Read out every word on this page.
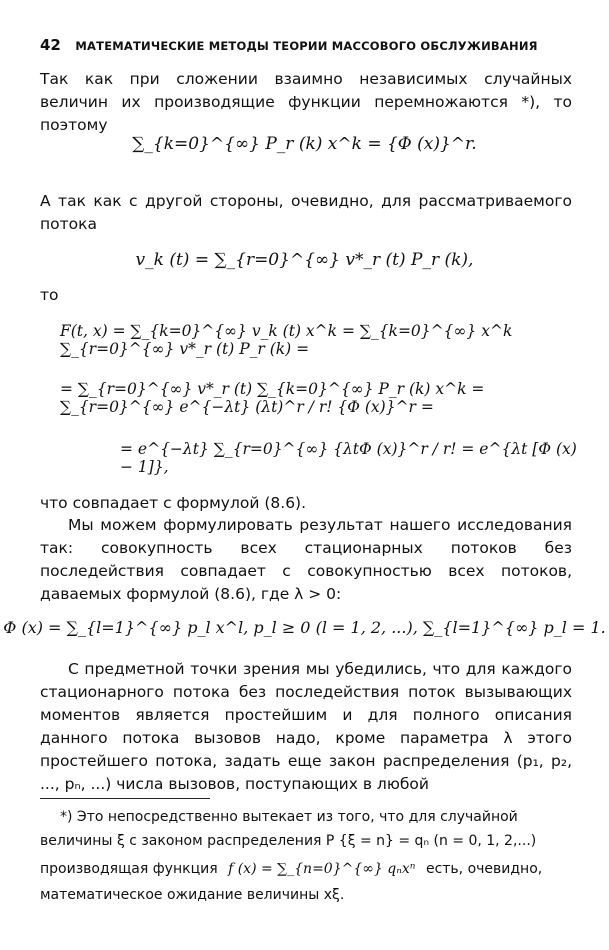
42 МАТЕМАТИЧЕСКИЕ МЕТОДЫ ТЕОРИИ МАССОВОГО ОБСЛУЖИВАНИЯ
Так как при сложении взаимно независимых случайных величин их производящие функции перемножаются *), то поэтому
∑_{k=0}^{∞} P_r (k) x^k = {Φ (x)}^r.
А так как с другой стороны, очевидно, для рассматриваемого потока
v_k (t) = ∑_{r=0}^{∞} v*_r (t) P_r (k),
то
F(t, x) = ∑_{k=0}^{∞} v_k (t) x^k = ∑_{k=0}^{∞} x^k ∑_{r=0}^{∞} v*_r (t) P_r (k) =
= ∑_{r=0}^{∞} v*_r (t) ∑_{k=0}^{∞} P_r (k) x^k = ∑_{r=0}^{∞} e^{−λt} (λt)^r / r! {Φ (x)}^r =
= e^{−λt} ∑_{r=0}^{∞} {λtΦ (x)}^r / r! = e^{λt [Φ (x) − 1]},
что совпадает с формулой (8.6).
Мы можем формулировать результат нашего исследования так: совокупность всех стационарных потоков без последействия совпадает с совокупностью всех потоков, даваемых формулой (8.6), где λ > 0:
Φ (x) = ∑_{l=1}^{∞} p_l x^l, p_l ≥ 0 (l = 1, 2, ...), ∑_{l=1}^{∞} p_l = 1.
С предметной точки зрения мы убедились, что для каждого стационарного потока без последействия поток вызывающих моментов является простейшим и для полного описания данного потока вызовов надо, кроме параметра λ этого простейшего потока, задать еще закон распределения (p₁, p₂, ..., pₙ, ...) числа вызовов, поступающих в любой
*) Это непосредственно вытекает из того, что для случайной
величины ξ с законом распределения P {ξ = n} = qₙ (n = 0, 1, 2,...)
производящая функция f (x) = ∑_{n=0}^{∞} qₙxⁿ есть, очевидно, математическое ожидание величины xξ.
